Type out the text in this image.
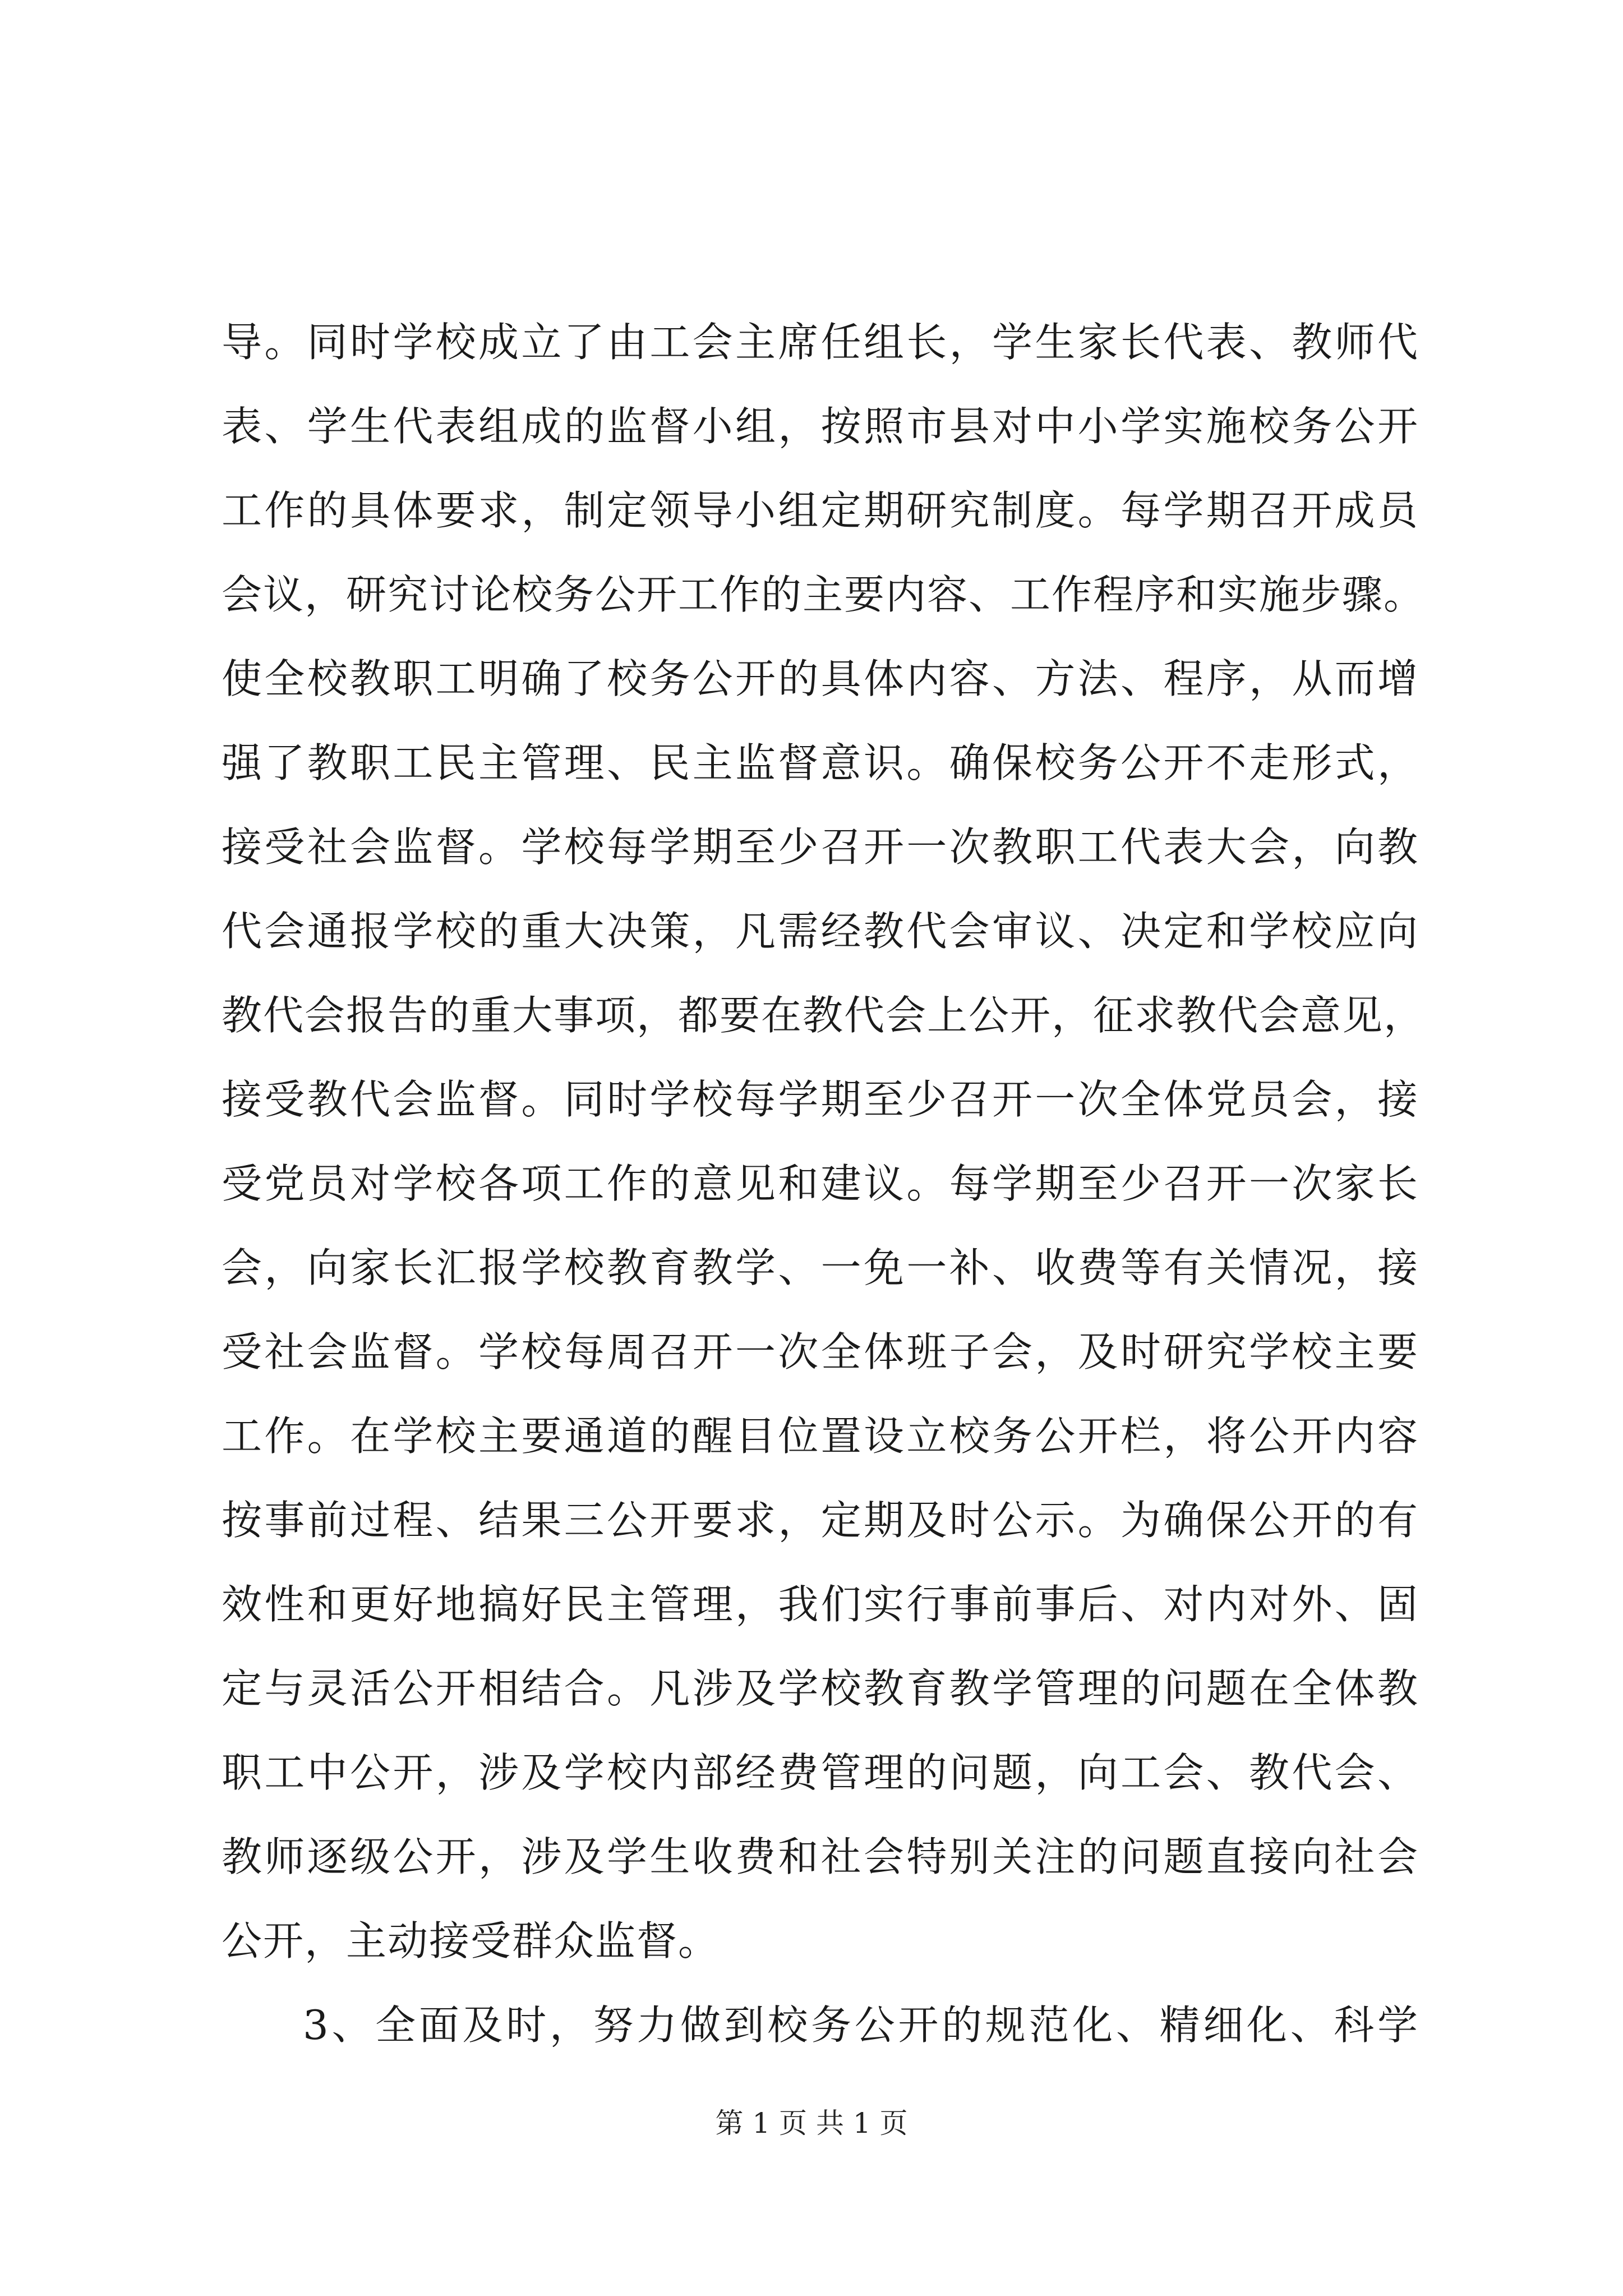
导。同时学校成立了由工会主席任组长，学生家长代表、教师代
表、学生代表组成的监督小组，按照市县对中小学实施校务公开
工作的具体要求，制定领导小组定期研究制度。每学期召开成员
会议，研究讨论校务公开工作的主要内容、工作程序和实施步骤。
使全校教职工明确了校务公开的具体内容、方法、程序，从而增
强了教职工民主管理、民主监督意识。确保校务公开不走形式，
接受社会监督。学校每学期至少召开一次教职工代表大会，向教
代会通报学校的重大决策，凡需经教代会审议、决定和学校应向
教代会报告的重大事项，都要在教代会上公开，征求教代会意见，
接受教代会监督。同时学校每学期至少召开一次全体党员会，接
受党员对学校各项工作的意见和建议。每学期至少召开一次家长
会，向家长汇报学校教育教学、一免一补、收费等有关情况，接
受社会监督。学校每周召开一次全体班子会，及时研究学校主要
工作。在学校主要通道的醒目位置设立校务公开栏，将公开内容
按事前过程、结果三公开要求，定期及时公示。为确保公开的有
效性和更好地搞好民主管理，我们实行事前事后、对内对外、固
定与灵活公开相结合。凡涉及学校教育教学管理的问题在全体教
职工中公开，涉及学校内部经费管理的问题，向工会、教代会、
教师逐级公开，涉及学生收费和社会特别关注的问题直接向社会
公开，主动接受群众监督。
3、全面及时，努力做到校务公开的规范化、精细化、科学
第 1 页 共 1 页
